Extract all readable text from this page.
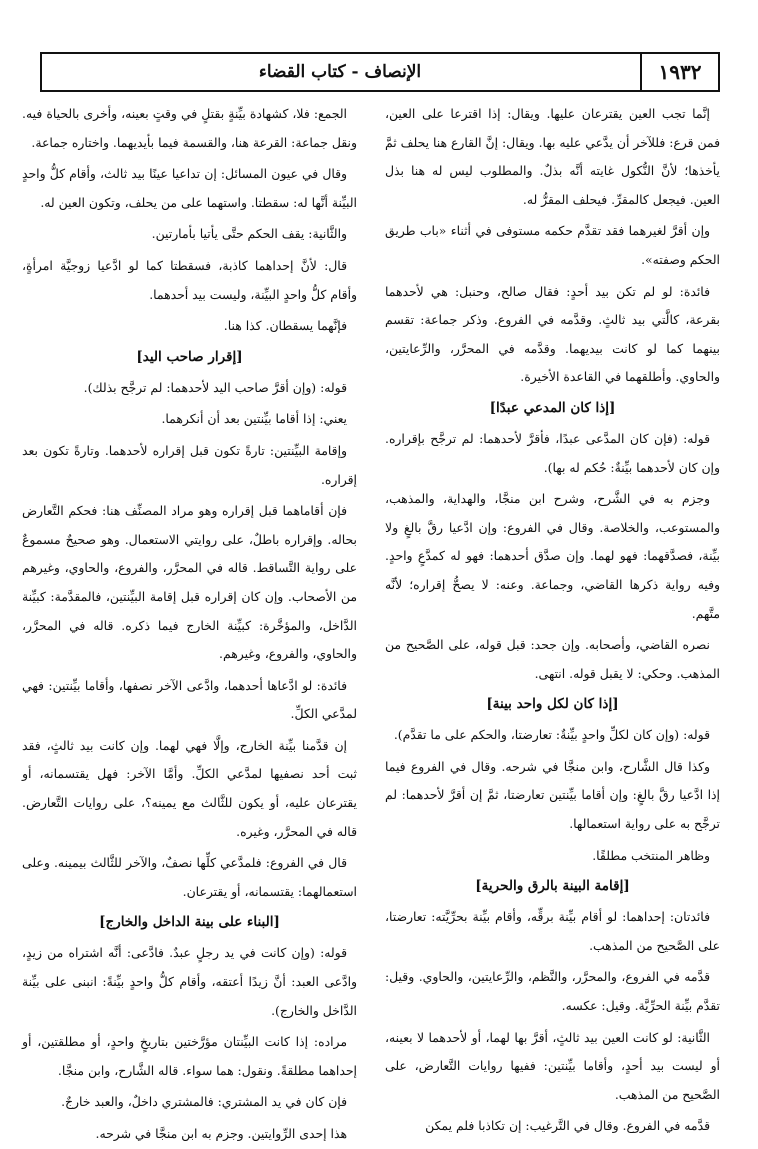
الإنصاف - كتاب القضاء	١٩٣٢

إنَّما تجب العين يقترعان عليها. ويقال: إذا اقترعا على العين، فمن قرع: فللآخر أن يدَّعي عليه بها. ويقال: إنَّ القارع هنا يحلف ثمَّ يأخذها؛ لأنَّ النُّكول غايته أنَّه بذلٌ. والمطلوب ليس له هنا بذل العين. فيجعل كالمقرِّ. فيحلف المقرُّ له.

وإن أقرَّ لغيرهما فقد تقدَّم حكمه مستوفى في أثناء «باب طريق الحكم وصفته».

فائدة: لو لم تكن بيد أحدٍ: فقال صالح، وحنبل: هي لأحدهما بقرعة، كالَّتي بيد ثالثٍ. وقدَّمه في الفروع. وذكر جماعة: تقسم بينهما كما لو كانت بيديهما. وقدَّمه في المحرَّر، والرِّعايتين، والحاوي. وأطلقهما في القاعدة الأخيرة.

[إذا كان المدعي عبدًا]

قوله: (فإن كان المدَّعى عبدًا، فأقرَّ لأحدهما: لم ترجَّح بإقراره. وإن كان لأحدهما بيِّنةٌ: حُكم له بها).

وجزم به في الشَّرح، وشرح ابن منجَّا، والهداية، والمذهب، والمستوعب، والخلاصة. وقال في الفروع: وإن ادَّعيا رقَّ بالغٍ ولا بيِّنة، فصدَّقهما: فهو لهما. وإن صدَّق أحدهما: فهو له كمدَّعٍ واحدٍ. وفيه رواية ذكرها القاضي، وجماعة. وعنه: لا يصحُّ إقراره؛ لأنَّه متَّهم.

نصره القاضي، وأصحابه. وإن جحد: قبل قوله، على الصَّحيح من المذهب. وحكي: لا يقبل قوله. انتهى.

[إذا كان لكل واحد بينة]

قوله: (وإن كان لكلِّ واحدٍ بيِّنةٌ: تعارضتا، والحكم على ما تقدَّم).

وكذا قال الشَّارح، وابن منجَّا في شرحه. وقال في الفروع فيما إذا ادَّعيا رقَّ بالغٍ: وإن أقاما بيِّنتين تعارضتا، ثمَّ إن أقرَّ لأحدهما: لم ترجَّح به على رواية استعمالها.

وظاهر المنتخب مطلقًا.

[إقامة البينة بالرق والحرية]

فائدتان: إحداهما: لو أقام بيِّنة برقِّه، وأقام بيِّنة بحرِّيَّته: تعارضتا، على الصَّحيح من المذهب.

قدَّمه في الفروع، والمحرَّر، والنَّظم، والرِّعايتين، والحاوي. وقيل: تقدَّم بيِّنة الحرِّيَّة. وقيل: عكسه.

الثَّانية: لو كانت العين بيد ثالثٍ، أقرَّ بها لهما، أو لأحدهما لا بعينه، أو ليست بيد أحدٍ، وأقاما بيِّنتين: ففيها روايات التَّعارض، على الصَّحيح من المذهب.

قدَّمه في الفروع. وقال في التَّرغيب: إن تكاذبا فلم يمكن

الجمع: فلا، كشهادة بيِّنةٍ بقتلٍ في وقتٍ بعينه، وأخرى بالحياة فيه. ونقل جماعة: القرعة هنا، والقسمة فيما بأيديهما. واختاره جماعة.

وقال في عيون المسائل: إن تداعيا عينًا بيد ثالث، وأقام كلُّ واحدٍ البيِّنة أنَّها له: سقطتا. واستهما على من يحلف، وتكون العين له.

والثَّانية: يقف الحكم حتَّى يأتيا بأمارتين.

قال: لأنَّ إحداهما كاذبة، فسقطتا كما لو ادَّعيا زوجيَّة امرأةٍ، وأقام كلُّ واحدٍ البيِّنة، وليست بيد أحدهما.

فإنَّهما يسقطان. كذا هنا.

[إقرار صاحب اليد]

قوله: (وإن أقرَّ صاحب اليد لأحدهما: لم ترجَّح بذلك).

يعني: إذا أقاما بيِّنتين بعد أن أنكرهما.

وإقامة البيِّنتين: تارةً تكون قبل إقراره لأحدهما. وتارةً تكون بعد إقراره.

فإن أقاماهما قبل إقراره وهو مراد المصنِّف هنا: فحكم التَّعارض بحاله. وإقراره باطلٌ، على روايتي الاستعمال. وهو صحيحٌ مسموعٌ على رواية التَّساقط. قاله في المحرَّر، والفروع، والحاوي، وغيرهم من الأصحاب. وإن كان إقراره قبل إقامة البيِّنتين، فالمقدَّمة: كبيِّنة الدَّاخل، والمؤخَّرة: كبيِّنة الخارج فيما ذكره. قاله في المحرَّر، والحاوي، والفروع، وغيرهم.

فائدة: لو ادَّعاها أحدهما، وادَّعى الآخر نصفها، وأقاما بيِّنتين: فهي لمدَّعي الكلِّ.

إن قدَّمنا بيِّنة الخارج، وإلَّا فهي لهما. وإن كانت بيد ثالثٍ، فقد ثبت أحد نصفيها لمدَّعي الكلِّ. وأمَّا الآخر: فهل يقتسمانه، أو يقترعان عليه، أو يكون للثَّالث مع يمينه؟، على روايات التَّعارض. قاله في المحرَّر، وغيره.

قال في الفروع: فلمدَّعي كلِّها نصفٌ، والآخر للثَّالث بيمينه. وعلى استعمالهما: يقتسمانه، أو يقترعان.

[البناء على بينة الداخل والخارج]

قوله: (وإن كانت في يد رجلٍ عبدٌ. فادَّعى: أنَّه اشتراه من زيدٍ، وادَّعى العبد: أنَّ زيدًا أعتقه، وأقام كلُّ واحدٍ بيِّنةً: انبنى على بيِّنة الدَّاخل والخارج).

مراده: إذا كانت البيِّنتان مؤرَّختين بتاريخٍ واحدٍ، أو مطلقتين، أو إحداهما مطلقةً. ونقول: هما سواء. قاله الشَّارح، وابن منجَّا.

فإن كان في يد المشتري: فالمشتري داخلٌ، والعبد خارجٌ.

هذا إحدى الرِّوايتين. وجزم به ابن منجَّا في شرحه.
